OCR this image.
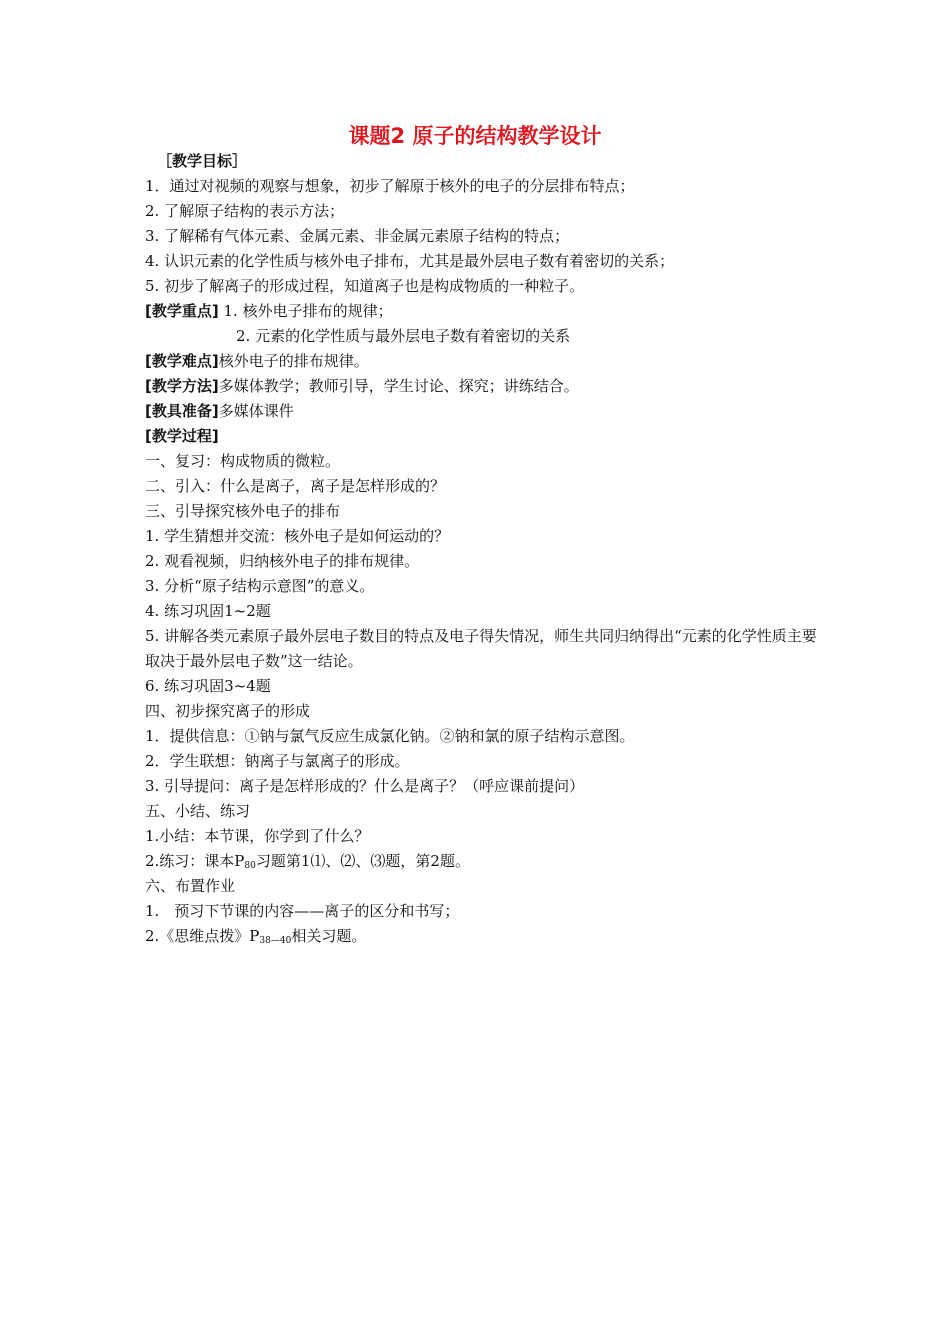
课题2 原子的结构教学设计
［教学目标］
1．通过对视频的观察与想象，初步了解原于核外的电子的分层排布特点；
2. 了解原子结构的表示方法；
3. 了解稀有气体元素、金属元素、非金属元素原子结构的特点；
4. 认识元素的化学性质与核外电子排布，尤其是最外层电子数有着密切的关系；
5. 初步了解离子的形成过程，知道离子也是构成物质的一种粒子。
[教学重点] 1. 核外电子排布的规律；
2. 元素的化学性质与最外层电子数有着密切的关系
[教学难点]核外电子的排布规律。
[教学方法]多媒体教学；教师引导，学生讨论、探究；讲练结合。
[教具准备]多媒体课件
[教学过程]
一、复习：构成物质的微粒。
二、引入：什么是离子，离子是怎样形成的？
三、引导探究核外电子的排布
1. 学生猜想并交流：核外电子是如何运动的？
2. 观看视频，归纳核外电子的排布规律。
3. 分析“原子结构示意图”的意义。
4. 练习巩固1~2题
5. 讲解各类元素原子最外层电子数目的特点及电子得失情况，师生共同归纳得出“元素的化学性质主要取决于最外层电子数”这一结论。
6. 练习巩固3~4题
四、初步探究离子的形成
1．提供信息：①钠与氯气反应生成氯化钠。②钠和氯的原子结构示意图。
2．学生联想：钠离子与氯离子的形成。
3. 引导提问：离子是怎样形成的？什么是离子？（呼应课前提问）
五、小结、练习
1.小结：本节课，你学到了什么？
2.练习：课本$P_{80}$习题第1⑴、⑵、⑶题，第2题。
六、布置作业
1.　预习下节课的内容——离子的区分和书写；
2.《思维点拨》$P_{38—40}$相关习题。
